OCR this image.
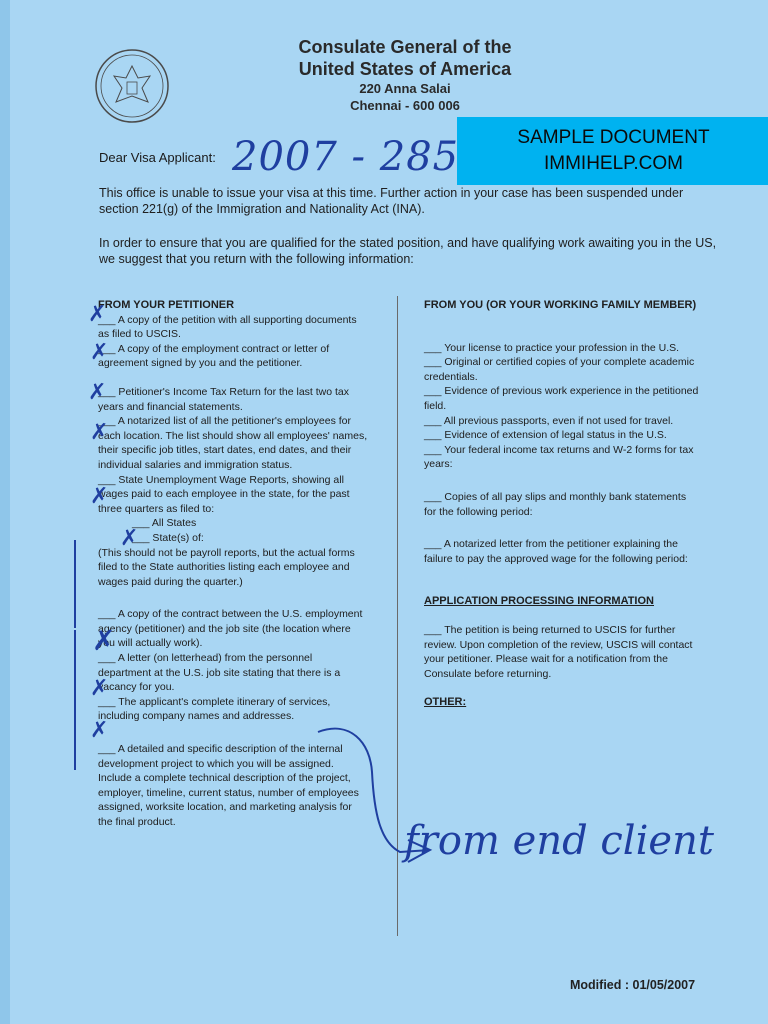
Consulate General of the
United States of America
220 Anna Salai
Chennai - 600 006
SAMPLE DOCUMENT
IMMIHELP.COM
Dear Visa Applicant: 2007 - 285
This office is unable to issue your visa at this time. Further action in your case has been suspended under section 221(g) of the Immigration and Nationality Act (INA).
In order to ensure that you are qualified for the stated position, and have qualifying work awaiting you in the US, we suggest that you return with the following information:
FROM YOUR PETITIONER

___ A copy of the petition with all supporting documents as filed to USCIS.

___ A copy of the employment contract or letter of agreement signed by you and the petitioner.

___ Petitioner's Income Tax Return for the last two tax years and financial statements.

___ A notarized list of all the petitioner's employees for each location. The list should show all employees' names, their specific job titles, start dates, end dates, and their individual salaries and immigration status.

___ State Unemployment Wage Reports, showing all wages paid to each employee in the state, for the past three quarters as filed to:

___ All States

___ State(s) of:

(This should not be payroll reports, but the actual forms filed to the State authorities listing each employee and wages paid during the quarter.)

___ A copy of the contract between the U.S. employment agency (petitioner) and the job site (the location where you will actually work).

___ A letter (on letterhead) from the personnel department at the U.S. job site stating that there is a vacancy for you.

___ The applicant's complete itinerary of services, including company names and addresses.

___ A detailed and specific description of the internal development project to which you will be assigned. Include a complete technical description of the project, employer, timeline, current status, number of employees assigned, worksite location, and marketing analysis for the final product.

FROM YOU (OR YOUR WORKING FAMILY MEMBER)

___ Your license to practice your profession in the U.S.

___ Original or certified copies of your complete academic credentials.

___ Evidence of previous work experience in the petitioned field.

___ All previous passports, even if not used for travel.

___ Evidence of extension of legal status in the U.S.

___ Your federal income tax returns and W-2 forms for tax years:

___ Copies of all pay slips and monthly bank statements for the following period:

___ A notarized letter from the petitioner explaining the failure to pay the approved wage for the following period:

APPLICATION PROCESSING INFORMATION

___ The petition is being returned to USCIS for further review. Upon completion of the review, USCIS will contact your petitioner. Please wait for a notification from the Consulate before returning.

OTHER:
✗
✗
✗
✗
✗
✗
✗
✗
✗
from end client
Modified : 01/05/2007
